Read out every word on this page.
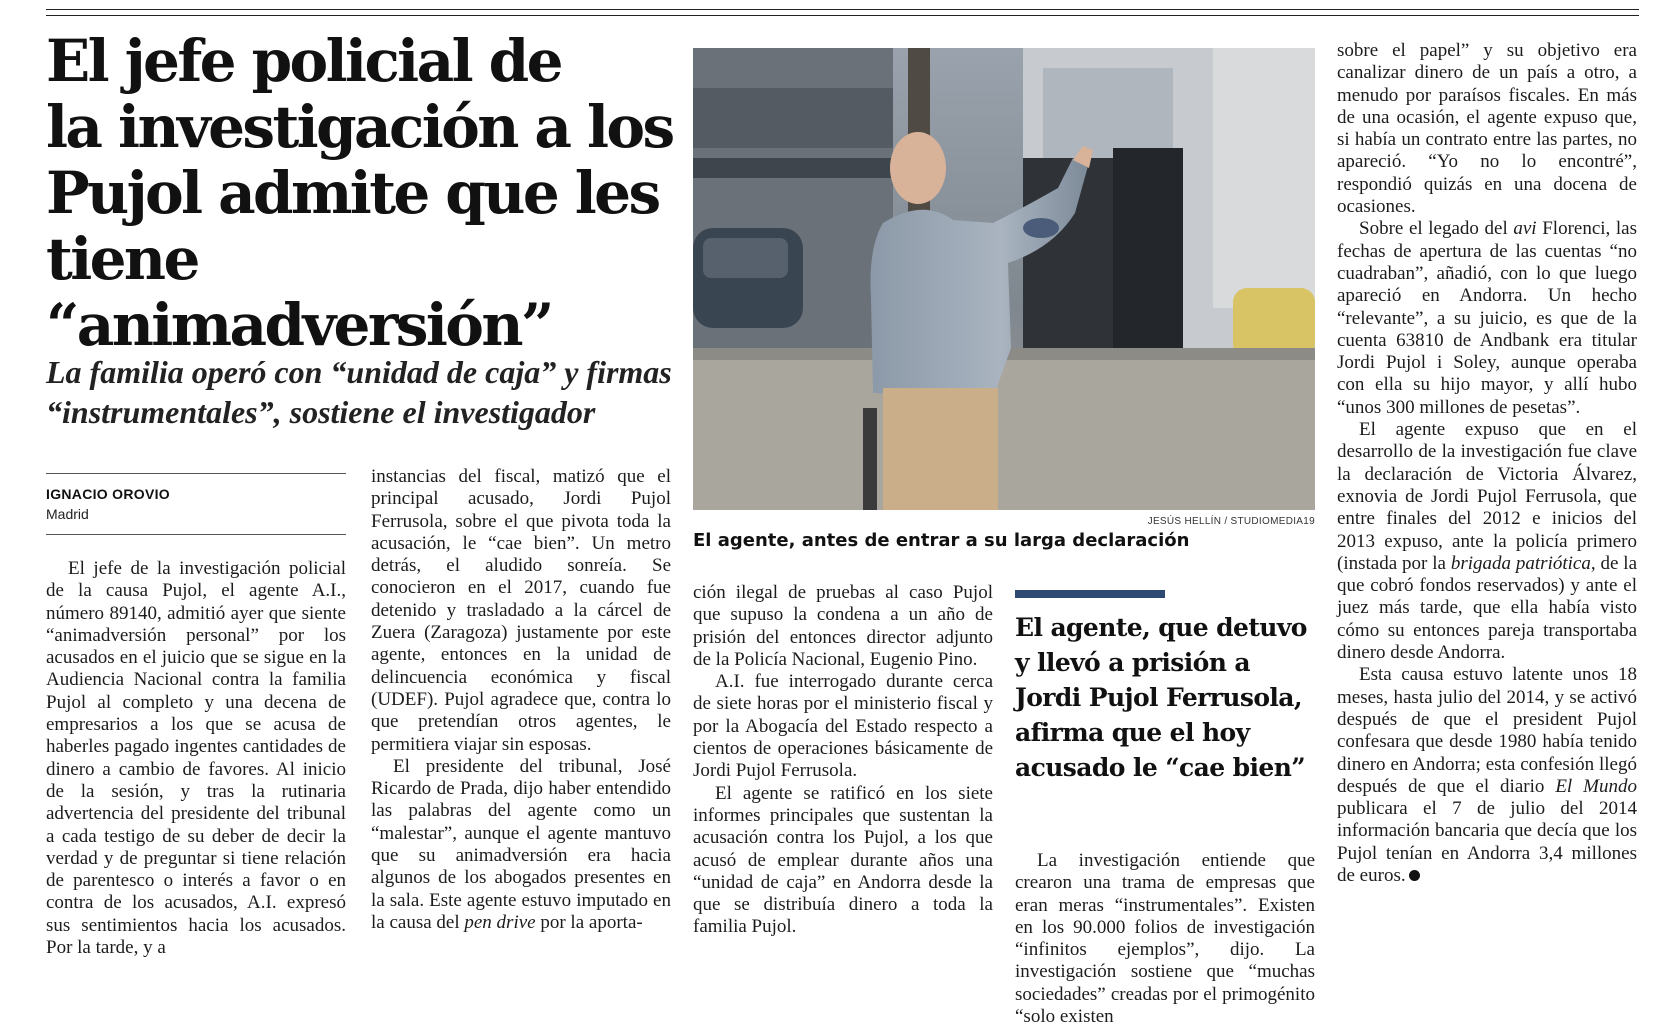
El jefe policial de
la investigación a los
Pujol admite que les
tiene “animadversión”
La familia operó con “unidad de caja” y firmas “instrumentales”, sostiene el investigador
IGNACIO OROVIO
Madrid

El jefe de la investigación policial de la causa Pujol, el agente A.I., número 89140, admitió ayer que siente “animadversión personal” por los acusados en el juicio que se sigue en la Audiencia Nacional contra la familia Pujol al completo y una decena de empresarios a los que se acusa de haberles pagado ingentes cantidades de dinero a cambio de favores. Al inicio de la sesión, y tras la rutinaria advertencia del presidente del tribunal a cada testigo de su deber de decir la verdad y de preguntar si tiene relación de parentesco o interés a favor o en contra de los acusados, A.I. expresó sus sentimientos hacia los acusados. Por la tarde, y a

instancias del fiscal, matizó que el principal acusado, Jordi Pujol Ferrusola, sobre el que pivota toda la acusación, le “cae bien”. Un metro detrás, el aludido sonreía. Se conocieron en el 2017, cuando fue detenido y trasladado a la cárcel de Zuera (Zaragoza) justamente por este agente, entonces en la unidad de delincuencia económica y fiscal (UDEF). Pujol agradece que, contra lo que pretendían otros agentes, le permitiera viajar sin esposas.

El presidente del tribunal, José Ricardo de Prada, dijo haber entendido las palabras del agente como un “malestar”, aunque el agente mantuvo que su animadversión era hacia algunos de los abogados presentes en la sala. Este agente estuvo imputado en la causa del pen drive por la aporta-

JESÚS HELLÍN / STUDIOMEDIA19
El agente, antes de entrar a su larga declaración

ción ilegal de pruebas al caso Pujol que supuso la condena a un año de prisión del entonces director adjunto de la Policía Nacional, Eugenio Pino.

A.I. fue interrogado durante cerca de siete horas por el ministerio fiscal y por la Abogacía del Estado respecto a cientos de operaciones básicamente de Jordi Pujol Ferrusola.

El agente se ratificó en los siete informes principales que sustentan la acusación contra los Pujol, a los que acusó de emplear durante años una “unidad de caja” en Andorra desde la que se distribuía dinero a toda la familia Pujol.

El agente, que detuvo
y llevó a prisión a
Jordi Pujol Ferrusola,
afirma que el hoy
acusado le “cae bien”

La investigación entiende que crearon una trama de empresas que eran meras “instrumentales”. Existen en los 90.000 folios de investigación “infinitos ejemplos”, dijo. La investigación sostiene que “muchas sociedades” creadas por el primogénito “solo existen

sobre el papel” y su objetivo era canalizar dinero de un país a otro, a menudo por paraísos fiscales. En más de una ocasión, el agente expuso que, si había un contrato entre las partes, no apareció. “Yo no lo encontré”, respondió quizás en una docena de ocasiones.

Sobre el legado del avi Florenci, las fechas de apertura de las cuentas “no cuadraban”, añadió, con lo que luego apareció en Andorra. Un hecho “relevante”, a su juicio, es que de la cuenta 63810 de Andbank era titular Jordi Pujol i Soley, aunque operaba con ella su hijo mayor, y allí hubo “unos 300 millones de pesetas”.

El agente expuso que en el desarrollo de la investigación fue clave la declaración de Victoria Álvarez, exnovia de Jordi Pujol Ferrusola, que entre finales del 2012 e inicios del 2013 expuso, ante la policía primero (instada por la brigada patriótica, de la que cobró fondos reservados) y ante el juez más tarde, que ella había visto cómo su entonces pareja transportaba dinero desde Andorra.

Esta causa estuvo latente unos 18 meses, hasta julio del 2014, y se activó después de que el president Pujol confesara que desde 1980 había tenido dinero en Andorra; esta confesión llegó después de que el diario El Mundo publicara el 7 de julio del 2014 información bancaria que decía que los Pujol tenían en Andorra 3,4 millones de euros.
